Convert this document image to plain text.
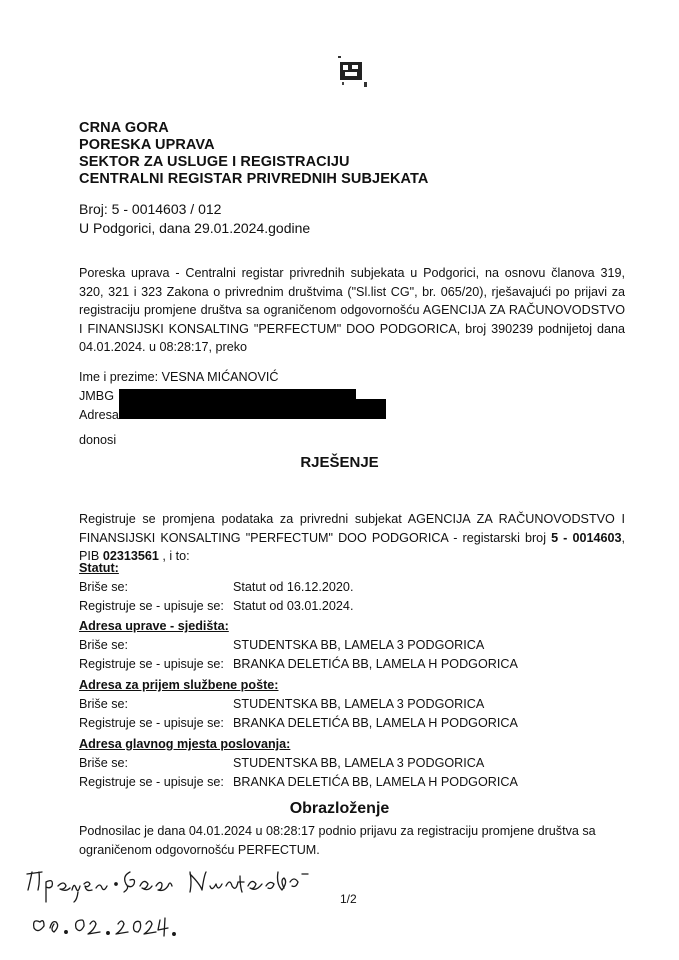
CRNA GORA
PORESKA UPRAVA
SEKTOR ZA USLUGE I REGISTRACIJU
CENTRALNI REGISTAR PRIVREDNIH SUBJEKATA
Broj: 5 - 0014603 / 012
U Podgorici, dana 29.01.2024.godine
Poreska uprava - Centralni registar privrednih subjekata u Podgorici, na osnovu članova 319, 320, 321 i 323 Zakona o privrednim društvima ("Sl.list CG", br. 065/20), rješavajući po prijavi za registraciju promjene društva sa ograničenom odgovornošću AGENCIJA ZA RAČUNOVODSTVO I FINANSIJSKI KONSALTING "PERFECTUM" DOO PODGORICA, broj 390239 podnijetoj dana 04.01.2024. u 08:28:17, preko
Ime i prezime: VESNA MIĆANOVIĆ
JMBG
Adresa
donosi
RJEŠENJE
Registruje se promjena podataka za privredni subjekat AGENCIJA ZA RAČUNOVODSTVO I FINANSIJSKI KONSALTING "PERFECTUM" DOO PODGORICA - registarski broj 5 - 0014603, PIB 02313561 , i to:
Statut:
Briše se:	Statut od 16.12.2020.
Registruje se - upisuje se: Statut od 03.01.2024.
Adresa uprave - sjedišta:
Briše se:	STUDENTSKA BB, LAMELA 3 PODGORICA
Registruje se - upisuje se: BRANKA DELETIĆA BB, LAMELA H PODGORICA
Adresa za prijem službene pošte:
Briše se:	STUDENTSKA BB, LAMELA 3 PODGORICA
Registruje se - upisuje se: BRANKA DELETIĆA BB, LAMELA H PODGORICA
Adresa glavnog mjesta poslovanja:
Briše se:	STUDENTSKA BB, LAMELA 3 PODGORICA
Registruje se - upisuje se: BRANKA DELETIĆA BB, LAMELA H PODGORICA
Obrazloženje
Podnosilac je dana 04.01.2024 u 08:28:17 podnio prijavu za registraciju promjene društva sa ograničenom odgovornošću PERFECTUM.
1/2
